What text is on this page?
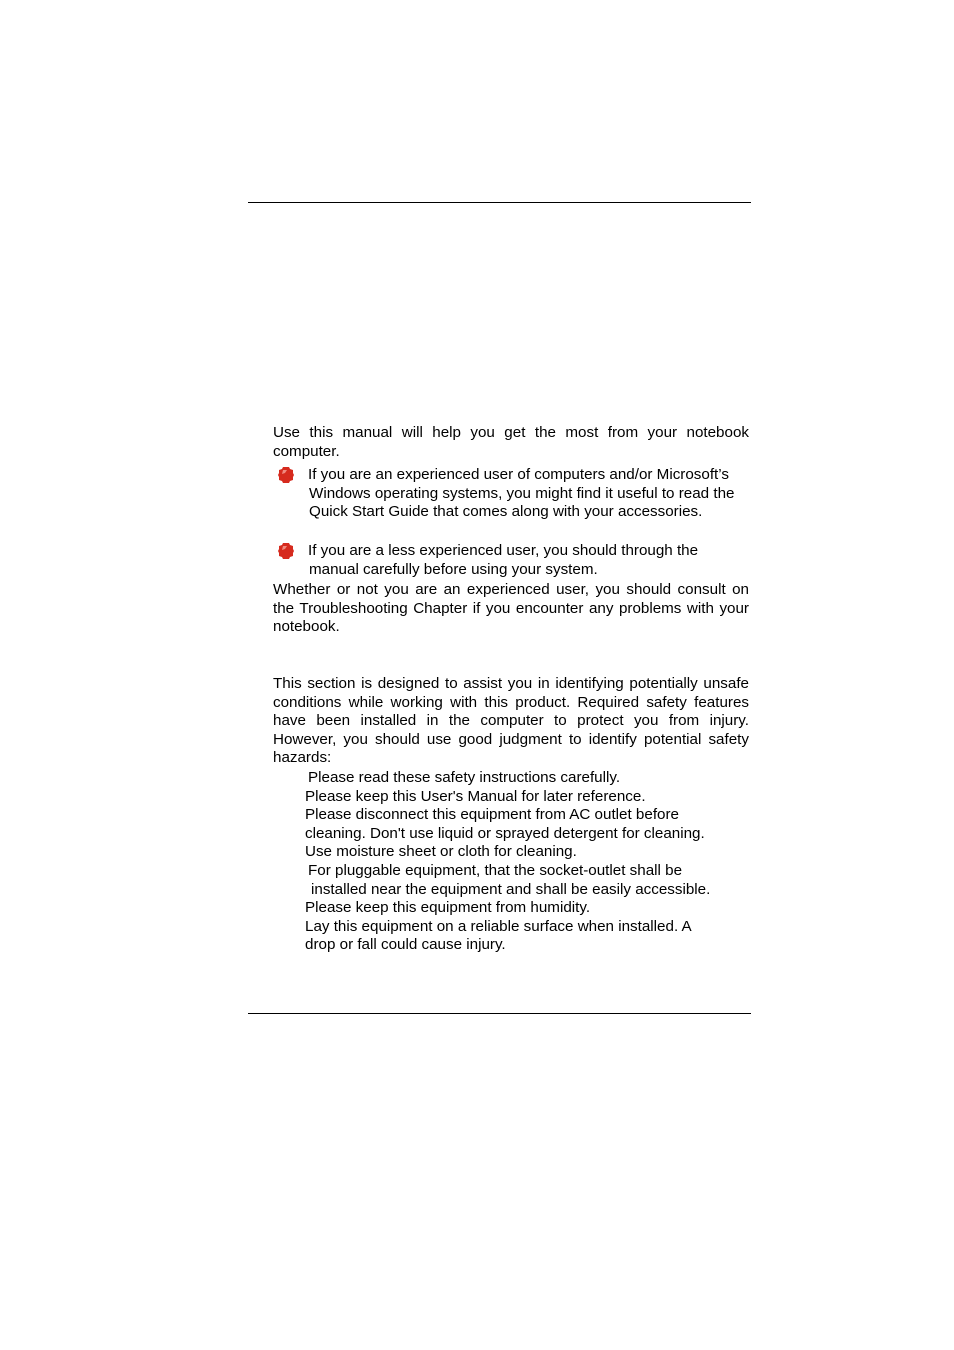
Use this manual will help you get the most from your notebook computer.

If you are an experienced user of computers and/or Microsoft’s Windows operating systems, you might find it useful to read the Quick Start Guide that comes along with your accessories.
If you are a less experienced user, you should through the manual carefully before using your system.

Whether or not you are an experienced user, you should consult on the Troubleshooting Chapter if you encounter any problems with your notebook.

This section is designed to assist you in identifying potentially unsafe conditions while working with this product. Required safety features have been installed in the computer to protect you from injury. However, you should use good judgment to identify potential safety hazards:

Please read these safety instructions carefully.
Please keep this User's Manual for later reference.
Please disconnect this equipment from AC outlet before
cleaning. Don't use liquid or sprayed detergent for cleaning.
Use moisture sheet or cloth for cleaning.
For pluggable equipment, that the socket-outlet shall be
installed near the equipment and shall be easily accessible.
Please keep this equipment from humidity.
Lay this equipment on a reliable surface when installed. A
drop or fall could cause injury.
